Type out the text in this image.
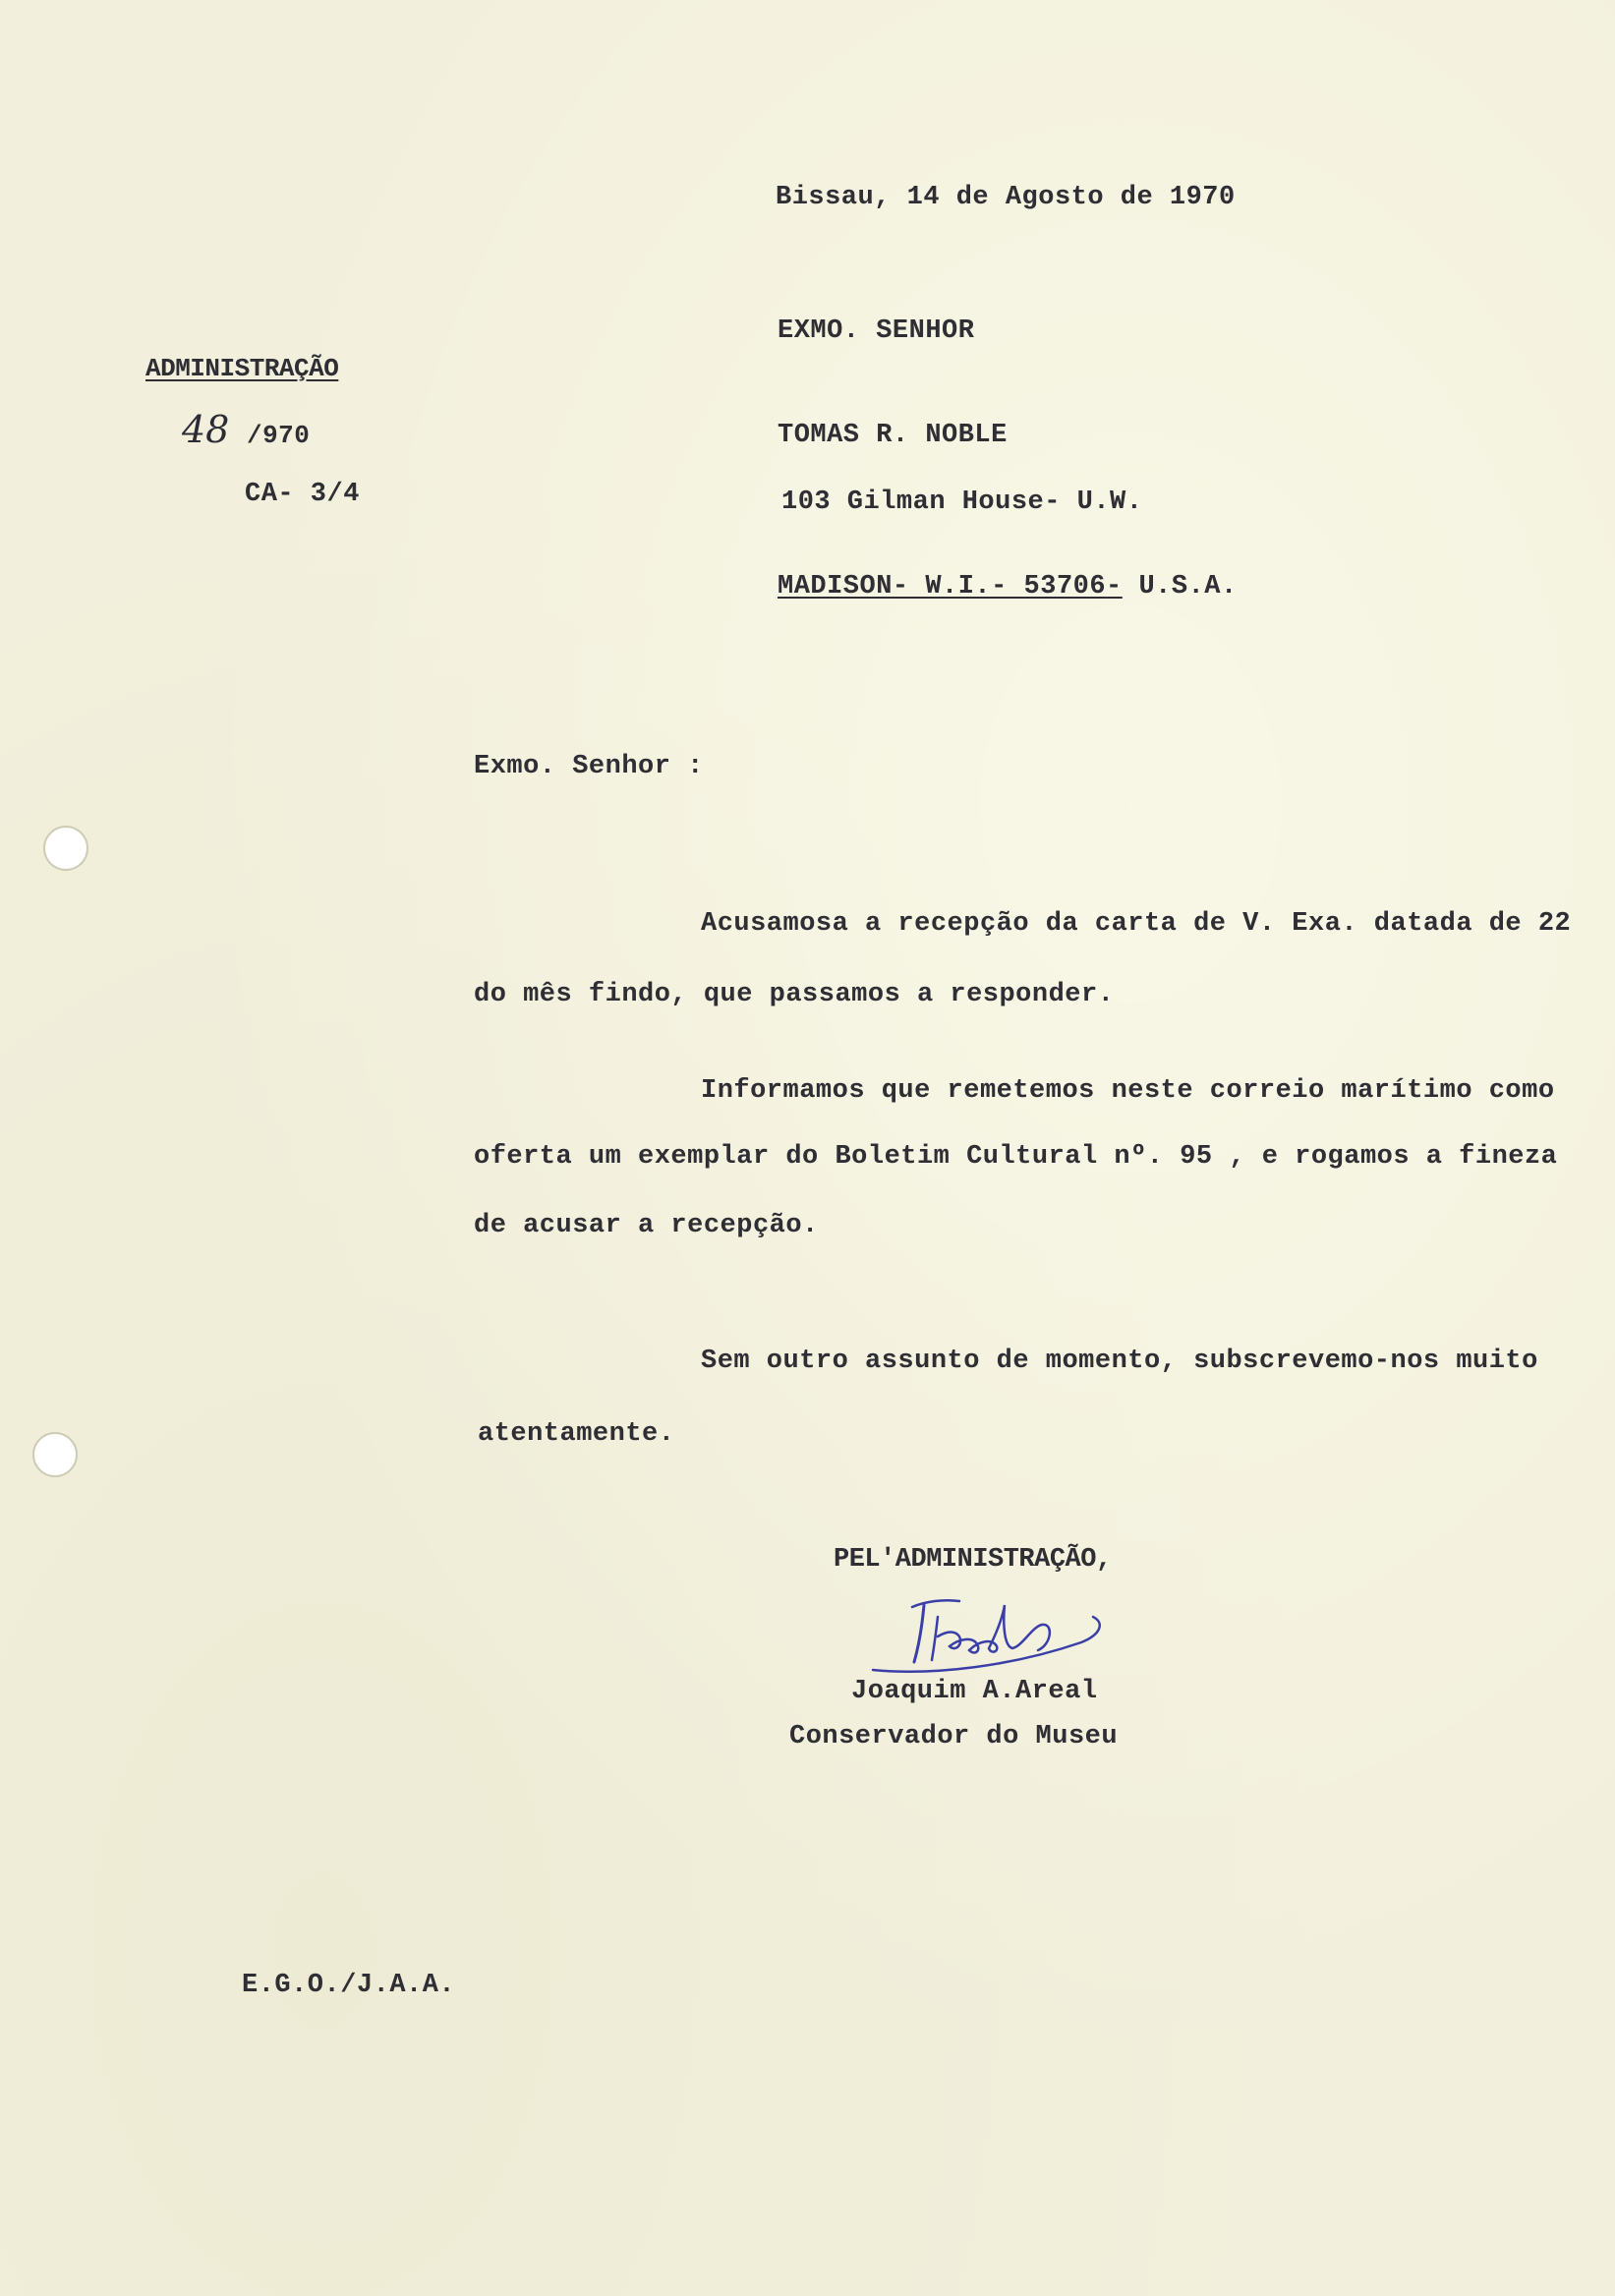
Bissau, 14 de Agosto de 1970
EXMO. SENHOR
ADMINISTRAÇÃO
48 /970
CA- 3/4
TOMAS R. NOBLE
103 Gilman House- U.W.
MADISON- W.I.- 53706- U.S.A.
Exmo. Senhor :
Acusamosa a recepção da carta de V. Exa. datada de 22
do mês findo, que passamos a responder.
Informamos que remetemos neste correio marítimo como
oferta um exemplar do Boletim Cultural nº. 95 , e rogamos a fineza
de acusar a recepção.
Sem outro assunto de momento, subscrevemo-nos muito
atentamente.
PEL'ADMINISTRAÇÃO,
Joaquim A.Areal
Conservador do Museu
E.G.O./J.A.A.
